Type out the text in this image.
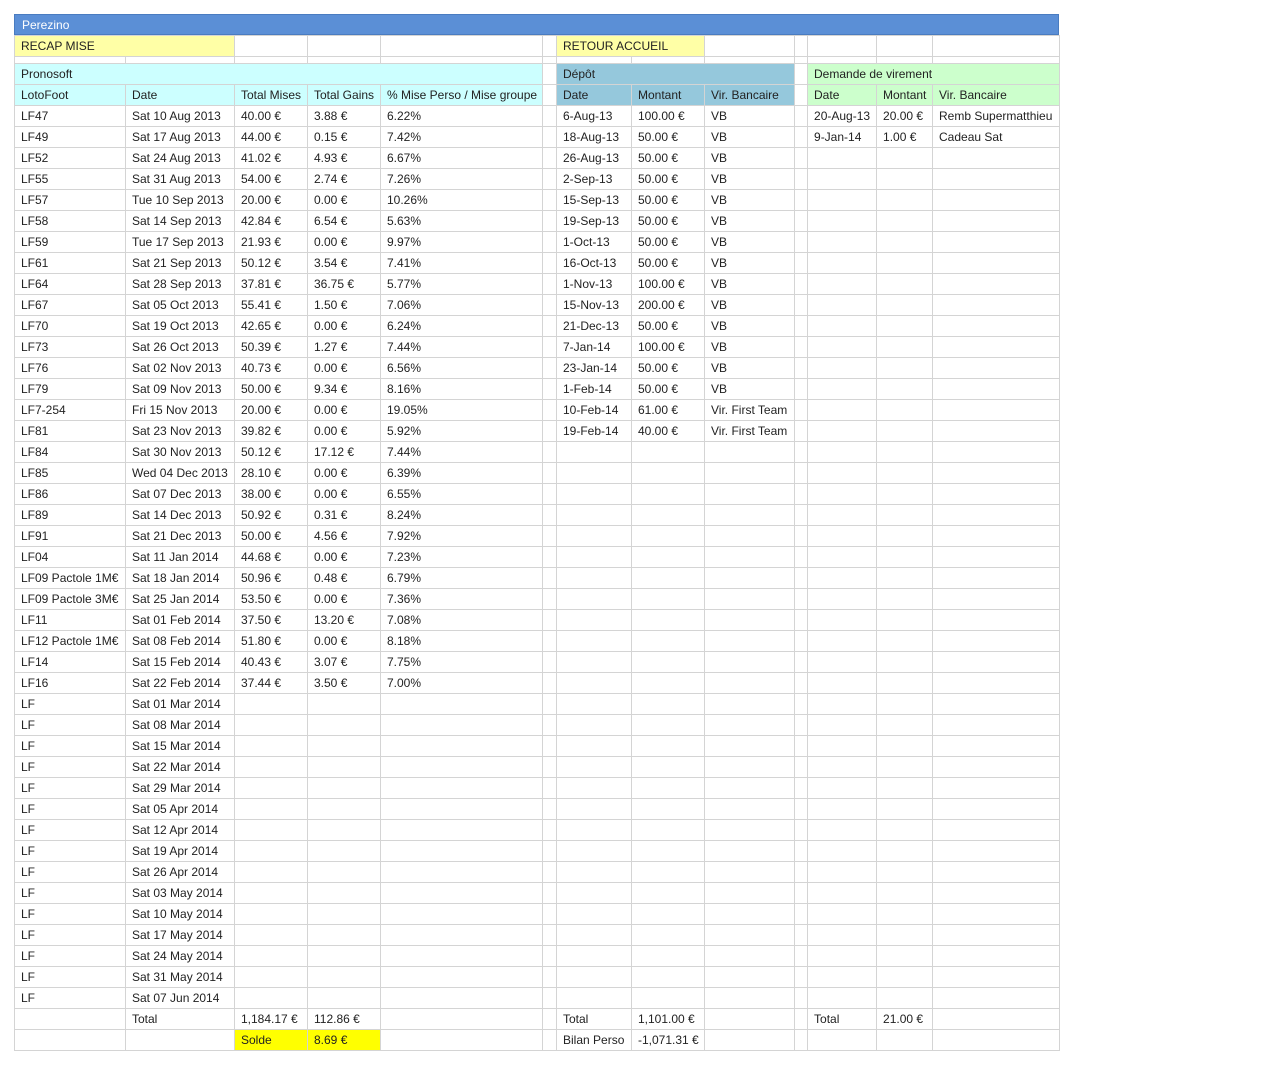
Perezino
RECAP MISE						RETOUR ACCUEIL						

Pronosoft						Dépôt				Demande de virement		
LotoFoot	Date	Total Mises	Total Gains	% Mise Perso / Mise groupe		Date	Montant	Vir. Bancaire		Date	Montant	Vir. Bancaire
LF47	Sat 10 Aug 2013	40.00 €	3.88 €	6.22%		6-Aug-13	100.00 €	VB		20-Aug-13	20.00 €	Remb Supermatthieu
LF49	Sat 17 Aug 2013	44.00 €	0.15 €	7.42%		18-Aug-13	50.00 €	VB		9-Jan-14	1.00 €	Cadeau Sat
LF52	Sat 24 Aug 2013	41.02 €	4.93 €	6.67%		26-Aug-13	50.00 €	VB				
LF55	Sat 31 Aug 2013	54.00 €	2.74 €	7.26%		2-Sep-13	50.00 €	VB				
LF57	Tue 10 Sep 2013	20.00 €	0.00 €	10.26%		15-Sep-13	50.00 €	VB				
LF58	Sat 14 Sep 2013	42.84 €	6.54 €	5.63%		19-Sep-13	50.00 €	VB				
LF59	Tue 17 Sep 2013	21.93 €	0.00 €	9.97%		1-Oct-13	50.00 €	VB				
LF61	Sat 21 Sep 2013	50.12 €	3.54 €	7.41%		16-Oct-13	50.00 €	VB				
LF64	Sat 28 Sep 2013	37.81 €	36.75 €	5.77%		1-Nov-13	100.00 €	VB				
LF67	Sat 05 Oct 2013	55.41 €	1.50 €	7.06%		15-Nov-13	200.00 €	VB				
LF70	Sat 19 Oct 2013	42.65 €	0.00 €	6.24%		21-Dec-13	50.00 €	VB				
LF73	Sat 26 Oct 2013	50.39 €	1.27 €	7.44%		7-Jan-14	100.00 €	VB				
LF76	Sat 02 Nov 2013	40.73 €	0.00 €	6.56%		23-Jan-14	50.00 €	VB				
LF79	Sat 09 Nov 2013	50.00 €	9.34 €	8.16%		1-Feb-14	50.00 €	VB				
LF7-254	Fri 15 Nov 2013	20.00 €	0.00 €	19.05%		10-Feb-14	61.00 €	Vir. First Team				
LF81	Sat 23 Nov 2013	39.82 €	0.00 €	5.92%		19-Feb-14	40.00 €	Vir. First Team				
LF84	Sat 30 Nov 2013	50.12 €	17.12 €	7.44%								
LF85	Wed 04 Dec 2013	28.10 €	0.00 €	6.39%								
LF86	Sat 07 Dec 2013	38.00 €	0.00 €	6.55%								
LF89	Sat 14 Dec 2013	50.92 €	0.31 €	8.24%								
LF91	Sat 21 Dec 2013	50.00 €	4.56 €	7.92%								
LF04	Sat 11 Jan 2014	44.68 €	0.00 €	7.23%								
LF09 Pactole 1M€	Sat 18 Jan 2014	50.96 €	0.48 €	6.79%								
LF09 Pactole 3M€	Sat 25 Jan 2014	53.50 €	0.00 €	7.36%								
LF11	Sat 01 Feb 2014	37.50 €	13.20 €	7.08%								
LF12 Pactole 1M€	Sat 08 Feb 2014	51.80 €	0.00 €	8.18%								
LF14	Sat 15 Feb 2014	40.43 €	3.07 €	7.75%								
LF16	Sat 22 Feb 2014	37.44 €	3.50 €	7.00%								
LF	Sat 01 Mar 2014											
LF	Sat 08 Mar 2014											
LF	Sat 15 Mar 2014											
LF	Sat 22 Mar 2014											
LF	Sat 29 Mar 2014											
LF	Sat 05 Apr 2014											
LF	Sat 12 Apr 2014											
LF	Sat 19 Apr 2014											
LF	Sat 26 Apr 2014											
LF	Sat 03 May 2014											
LF	Sat 10 May 2014											
LF	Sat 17 May 2014											
LF	Sat 24 May 2014											
LF	Sat 31 May 2014											
LF	Sat 07 Jun 2014											
	Total	1,184.17 €	112.86 €			Total	1,101.00 €			Total	21.00 €	
		Solde	8.69 €			Bilan Perso	-1,071.31 €					
